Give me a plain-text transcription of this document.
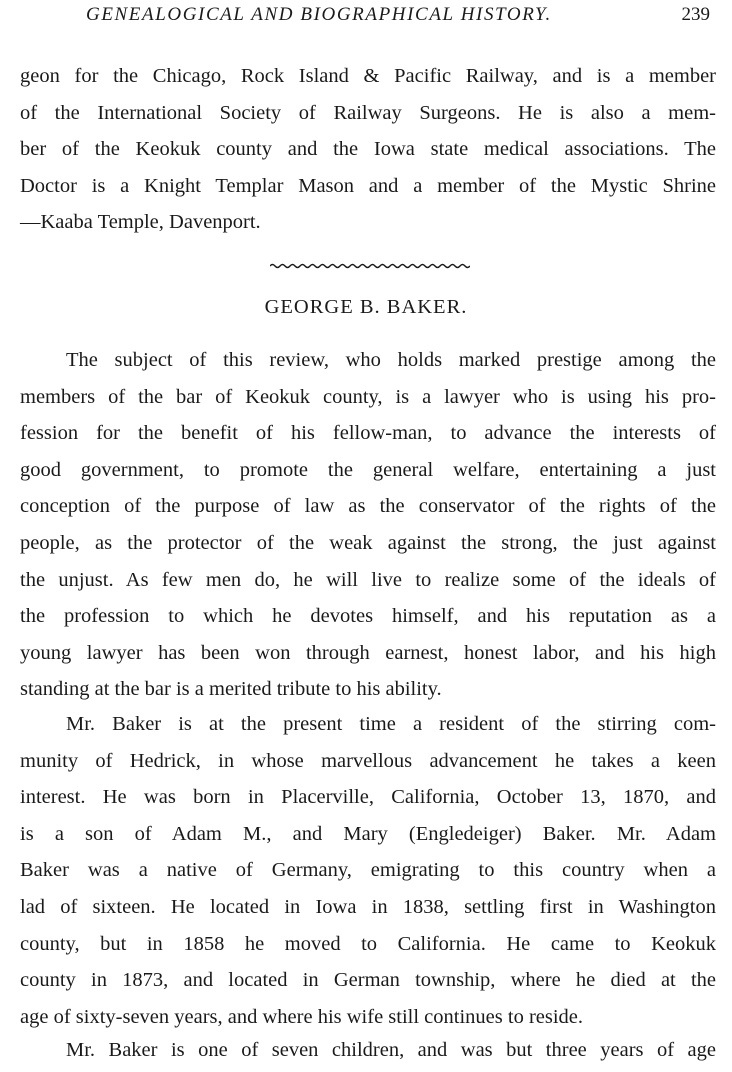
GENEALOGICAL AND BIOGRAPHICAL HISTORY.	239
geon for the Chicago, Rock Island & Pacific Railway, and is a member
of the International Society of Railway Surgeons. He is also a mem-
ber of the Keokuk county and the Iowa state medical associations. The
Doctor is a Knight Templar Mason and a member of the Mystic Shrine
—Kaaba Temple, Davenport.
GEORGE B. BAKER.
The subject of this review, who holds marked prestige among the
members of the bar of Keokuk county, is a lawyer who is using his pro-
fession for the benefit of his fellow-man, to advance the interests of
good government, to promote the general welfare, entertaining a just
conception of the purpose of law as the conservator of the rights of the
people, as the protector of the weak against the strong, the just against
the unjust. As few men do, he will live to realize some of the ideals of
the profession to which he devotes himself, and his reputation as a
young lawyer has been won through earnest, honest labor, and his high
standing at the bar is a merited tribute to his ability.
Mr. Baker is at the present time a resident of the stirring com-
munity of Hedrick, in whose marvellous advancement he takes a keen
interest. He was born in Placerville, California, October 13, 1870, and
is a son of Adam M., and Mary (Engledeiger) Baker. Mr. Adam
Baker was a native of Germany, emigrating to this country when a
lad of sixteen. He located in Iowa in 1838, settling first in Washington
county, but in 1858 he moved to California. He came to Keokuk
county in 1873, and located in German township, where he died at the
age of sixty-seven years, and where his wife still continues to reside.
Mr. Baker is one of seven children, and was but three years of age
